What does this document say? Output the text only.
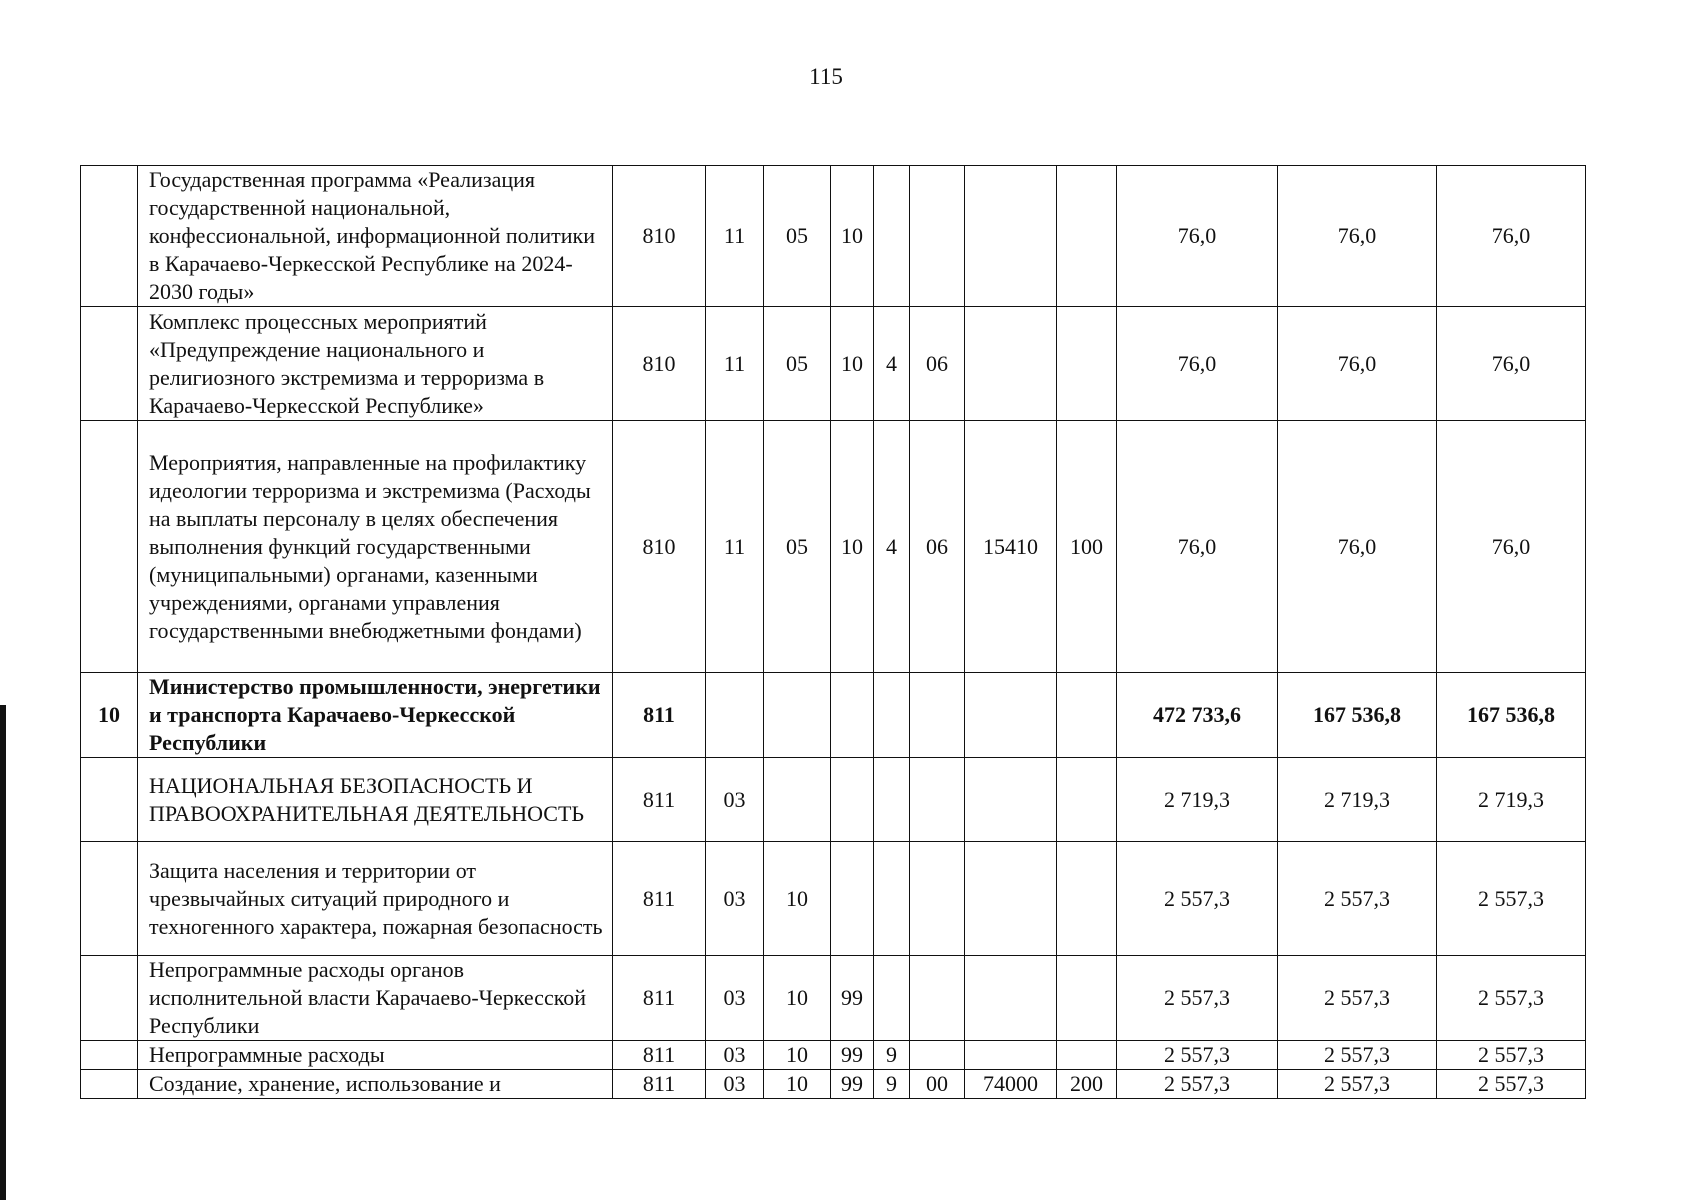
115
	Государственная программа «Реализация государственной национальной, конфессиональной, информационной политики в Карачаево-Черкесской Республике на 2024-2030 годы»	810	11	05	10					76,0	76,0	76,0
	Комплекс процессных мероприятий «Предупреждение национального и религиозного экстремизма и терроризма в Карачаево-Черкесской Республике»	810	11	05	10	4	06			76,0	76,0	76,0
	Мероприятия, направленные на профилактику идеологии терроризма и экстремизма (Расходы на выплаты персоналу в целях обеспечения выполнения функций государственными (муниципальными) органами, казенными учреждениями, органами управления государственными внебюджетными фондами)	810	11	05	10	4	06	15410	100	76,0	76,0	76,0
10	Министерство промышленности, энергетики и транспорта Карачаево-Черкесской Республики	811								472 733,6	167 536,8	167 536,8
	НАЦИОНАЛЬНАЯ БЕЗОПАСНОСТЬ И ПРАВООХРАНИТЕЛЬНАЯ ДЕЯТЕЛЬНОСТЬ	811	03							2 719,3	2 719,3	2 719,3
	Защита населения и территории от чрезвычайных ситуаций природного и техногенного характера, пожарная безопасность	811	03	10						2 557,3	2 557,3	2 557,3
	Непрограммные расходы органов исполнительной власти Карачаево-Черкесской Республики	811	03	10	99					2 557,3	2 557,3	2 557,3
	Непрограммные расходы	811	03	10	99	9				2 557,3	2 557,3	2 557,3
	Создание, хранение, использование и	811	03	10	99	9	00	74000	200	2 557,3	2 557,3	2 557,3
